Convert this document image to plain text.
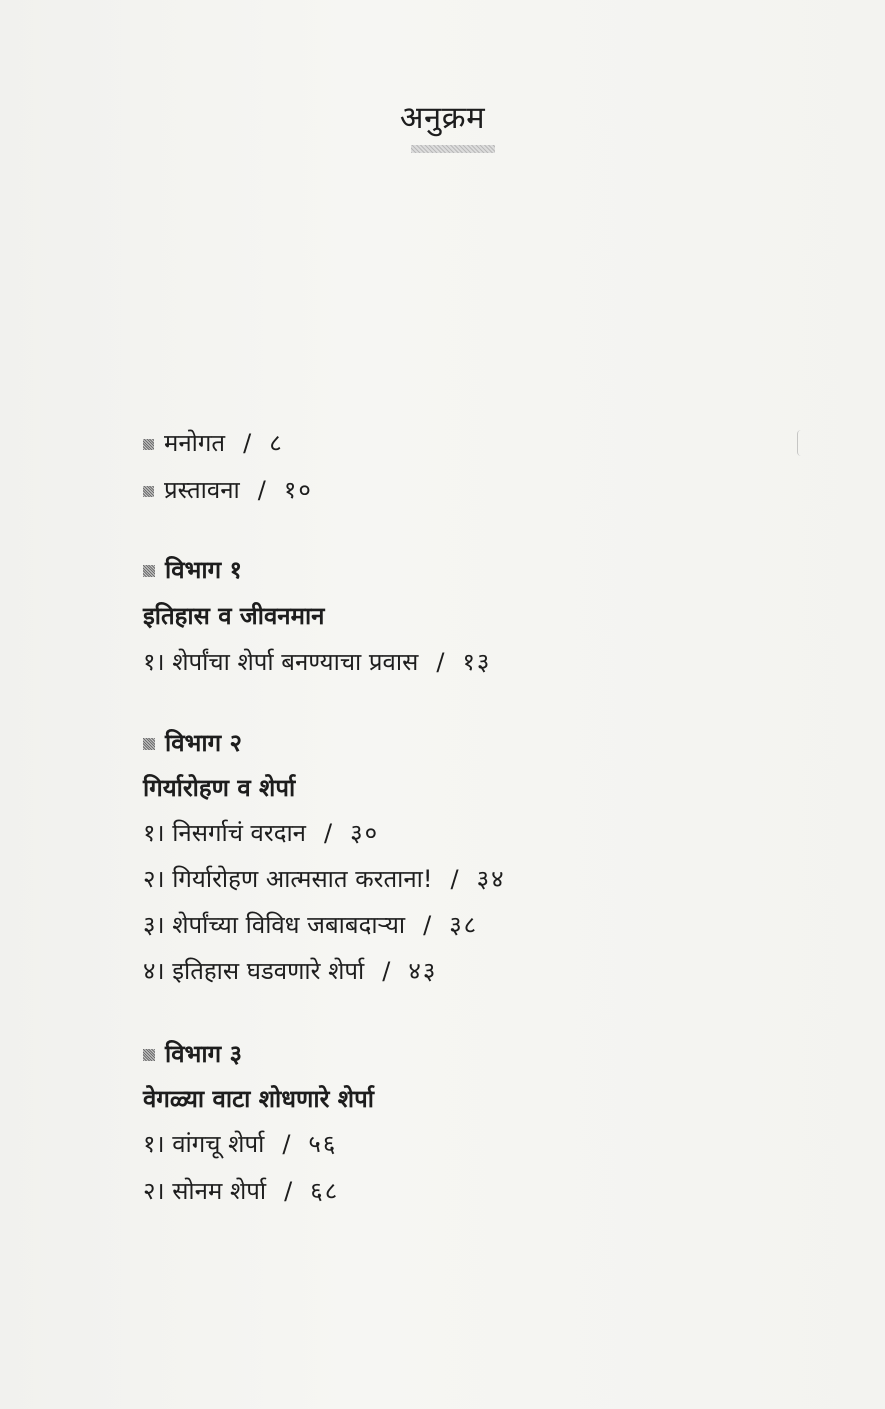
अनुक्रम
मनोगत / ८
प्रस्तावना / १०
विभाग १
इतिहास व जीवनमान
१। शेर्पांचा शेर्पा बनण्याचा प्रवास / १३
विभाग २
गिर्यारोहण व शेर्पा
१। निसर्गाचं वरदान / ३०
२। गिर्यारोहण आत्मसात करताना! / ३४
३। शेर्पांच्या विविध जबाबदाऱ्या / ३८
४। इतिहास घडवणारे शेर्पा / ४३
विभाग ३
वेगळ्या वाटा शोधणारे शेर्पा
१। वांगचू शेर्पा / ५६
२। सोनम शेर्पा / ६८
